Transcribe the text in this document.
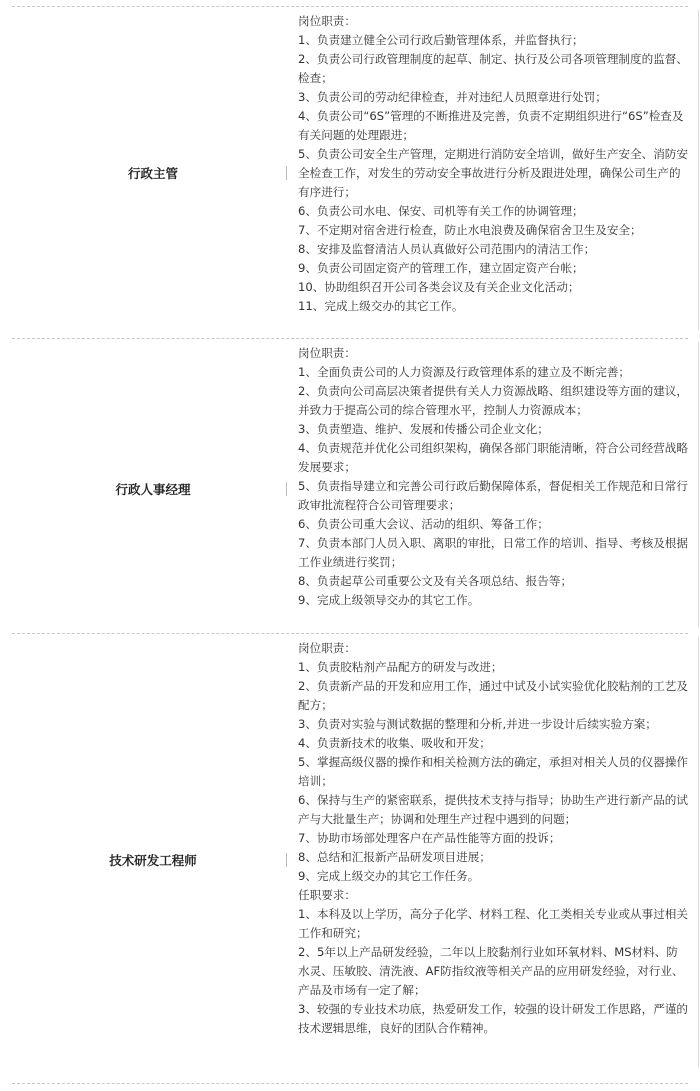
行政主管
岗位职责：
1、负责建立健全公司行政后勤管理体系，并监督执行；
2、负责公司行政管理制度的起草、制定、执行及公司各项管理制度的监督、检查；
3、负责公司的劳动纪律检查，并对违纪人员照章进行处罚；
4、负责公司“6S”管理的不断推进及完善，负责不定期组织进行“6S”检查及有关问题的处理跟进；
5、负责公司安全生产管理，定期进行消防安全培训，做好生产安全、消防安全检查工作，对发生的劳动安全事故进行分析及跟进处理，确保公司生产的有序进行；
6、负责公司水电、保安、司机等有关工作的协调管理；
7、不定期对宿舍进行检查，防止水电浪费及确保宿舍卫生及安全；
8、安排及监督清洁人员认真做好公司范围内的清洁工作；
9、负责公司固定资产的管理工作，建立固定资产台帐；
10、协助组织召开公司各类会议及有关企业文化活动；
11、完成上级交办的其它工作。
行政人事经理
岗位职责：
1、全面负责公司的人力资源及行政管理体系的建立及不断完善；
2、负责向公司高层决策者提供有关人力资源战略、组织建设等方面的建议，并致力于提高公司的综合管理水平，控制人力资源成本；
3、负责塑造、维护、发展和传播公司企业文化；
4、负责规范并优化公司组织架构，确保各部门职能清晰，符合公司经营战略发展要求；
5、负责指导建立和完善公司行政后勤保障体系，督促相关工作规范和日常行政审批流程符合公司管理要求；
6、负责公司重大会议、活动的组织、筹备工作；
7、负责本部门人员入职、离职的审批，日常工作的培训、指导、考核及根据工作业绩进行奖罚；
8、负责起草公司重要公文及有关各项总结、报告等；
9、完成上级领导交办的其它工作。
技术研发工程师
岗位职责：
1、负责胶粘剂产品配方的研发与改进；
2、负责新产品的开发和应用工作，通过中试及小试实验优化胶粘剂的工艺及配方；
3、负责对实验与测试数据的整理和分析,并进一步设计后续实验方案；
4、负责新技术的收集、吸收和开发；
5、掌握高级仪器的操作和相关检测方法的确定，承担对相关人员的仪器操作培训；
6、保持与生产的紧密联系，提供技术支持与指导；协助生产进行新产品的试产与大批量生产；协调和处理生产过程中遇到的问题；
7、协助市场部处理客户在产品性能等方面的投诉；
8、总结和汇报新产品研发项目进展；
9、完成上级交办的其它工作任务。
任职要求：
1、本科及以上学历，高分子化学、材料工程、化工类相关专业或从事过相关工作和研究；
2、5年以上产品研发经验，二年以上胶黏剂行业如环氧材料、MS材料、防水灵、压敏胶、清洗液、AF防指纹液等相关产品的应用研发经验，对行业、产品及市场有一定了解；
3、较强的专业技术功底，热爱研发工作，较强的设计研发工作思路，严谨的技术逻辑思维，良好的团队合作精神。
